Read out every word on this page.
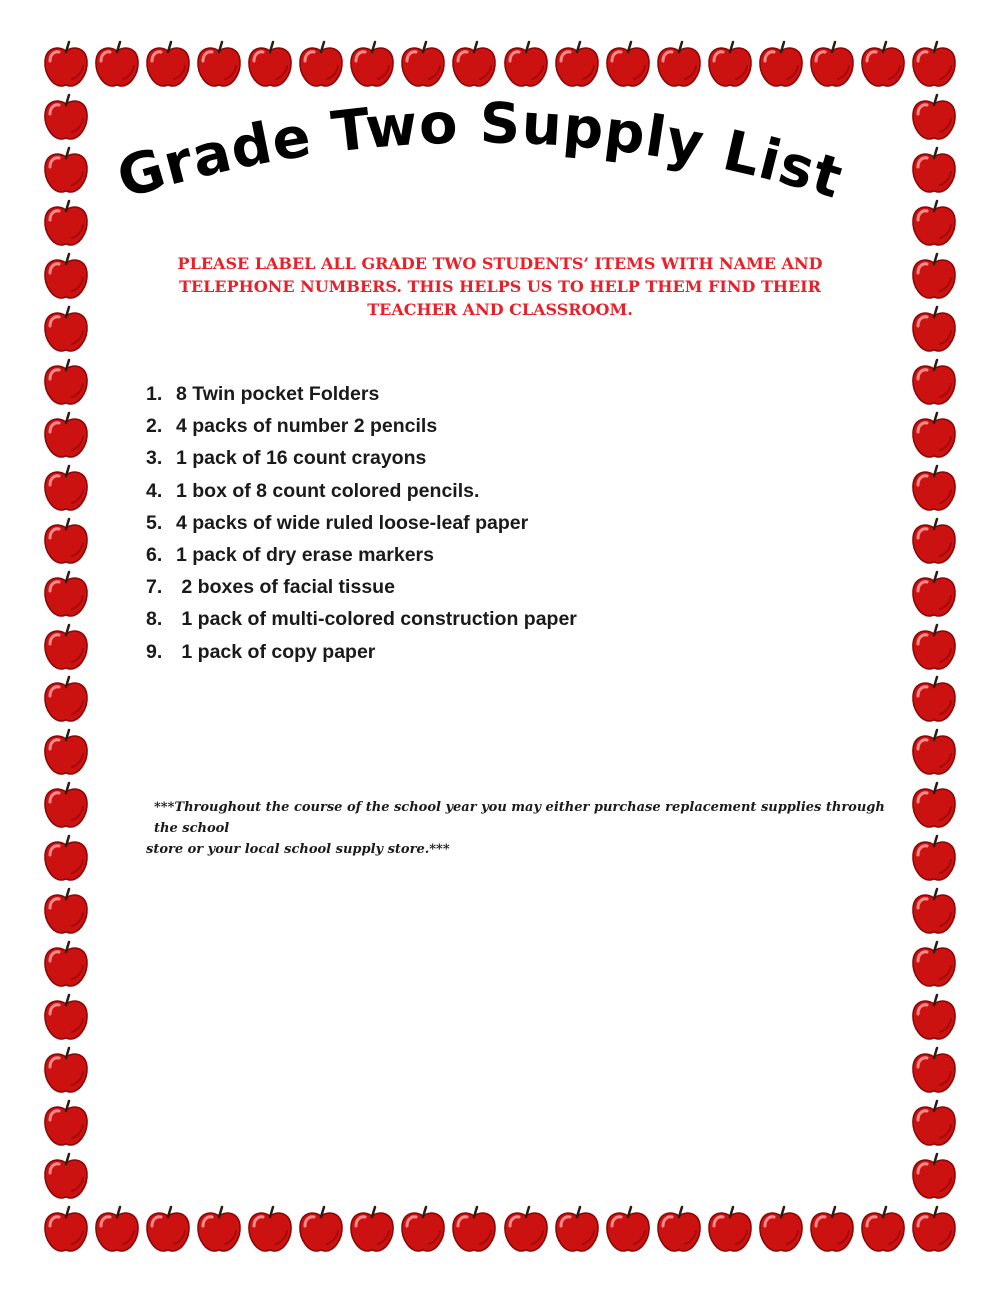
Grade Two Supply List
PLEASE LABEL ALL GRADE TWO STUDENTS’ ITEMS WITH NAME AND
TELEPHONE NUMBERS. THIS HELPS US TO HELP THEM FIND THEIR
TEACHER AND CLASSROOM.
1. 8 Twin pocket Folders
2. 4 packs of number 2 pencils
3. 1 pack of 16 count crayons
4. 1 box of 8 count colored pencils.
5. 4 packs of wide ruled loose-leaf paper
6. 1 pack of dry erase markers
7. 2 boxes of facial tissue
8. 1 pack of multi-colored construction paper
9. 1 pack of copy paper
***Throughout the course of the school year you may either purchase replacement supplies through the school
store or your local school supply store.***
